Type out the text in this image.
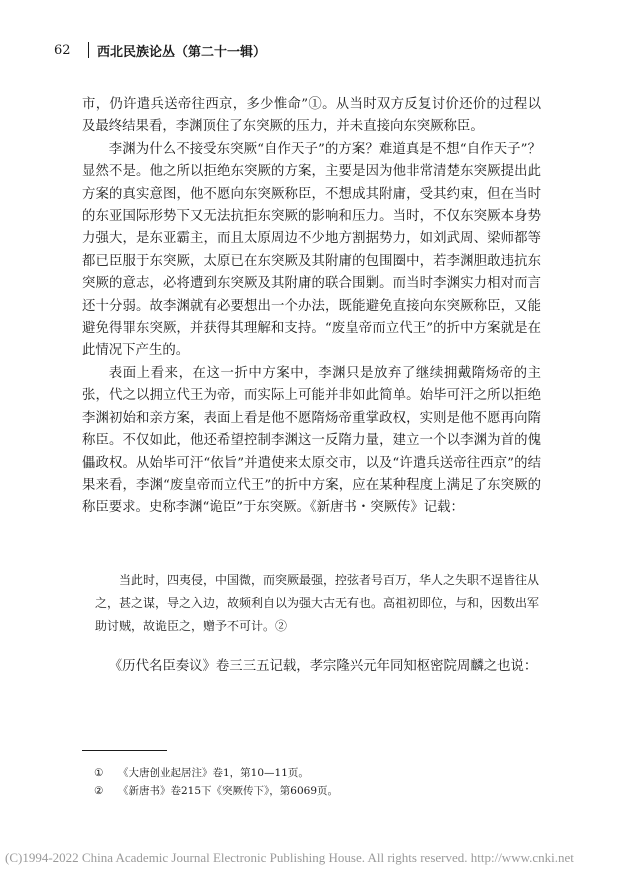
62	西北民族论丛（第二十一辑）

市，仍许遣兵送帝往西京，多少惟命”①。从当时双方反复讨价还价的过程以及最终结果看，李渊顶住了东突厥的压力，并未直接向东突厥称臣。

李渊为什么不接受东突厥“自作天子”的方案？难道真是不想“自作天子”？显然不是。他之所以拒绝东突厥的方案，主要是因为他非常清楚东突厥提出此方案的真实意图，他不愿向东突厥称臣，不想成其附庸，受其约束，但在当时的东亚国际形势下又无法抗拒东突厥的影响和压力。当时，不仅东突厥本身势力强大，是东亚霸主，而且太原周边不少地方割据势力，如刘武周、梁师都等都已臣服于东突厥，太原已在东突厥及其附庸的包围圈中，若李渊胆敢违抗东突厥的意志，必将遭到东突厥及其附庸的联合围剿。而当时李渊实力相对而言还十分弱。故李渊就有必要想出一个办法，既能避免直接向东突厥称臣，又能避免得罪东突厥，并获得其理解和支持。“废皇帝而立代王”的折中方案就是在此情况下产生的。

表面上看来，在这一折中方案中，李渊只是放弃了继续拥戴隋炀帝的主张，代之以拥立代王为帝，而实际上可能并非如此简单。始毕可汗之所以拒绝李渊初始和亲方案，表面上看是他不愿隋炀帝重掌政权，实则是他不愿再向隋称臣。不仅如此，他还希望控制李渊这一反隋力量，建立一个以李渊为首的傀儡政权。从始毕可汗“依旨”并遣使来太原交市，以及“许遣兵送帝往西京”的结果来看，李渊“废皇帝而立代王”的折中方案，应在某种程度上满足了东突厥的称臣要求。史称李渊“诡臣”于东突厥。《新唐书・突厥传》记载：

当此时，四夷侵，中国微，而突厥最强，控弦者号百万，华人之失职不逞皆往从之，甚之谋，导之入边，故频利自以为强大古无有也。高祖初即位，与和，因数出军助讨贼，故诡臣之，赠予不可计。②

《历代名臣奏议》卷三三五记载，孝宗隆兴元年同知枢密院周麟之也说：

①	《大唐创业起居注》卷1，第10—11页。
②	《新唐书》卷215下《突厥传下》，第6069页。
(C)1994-2022 China Academic Journal Electronic Publishing House. All rights reserved. http://www.cnki.net
